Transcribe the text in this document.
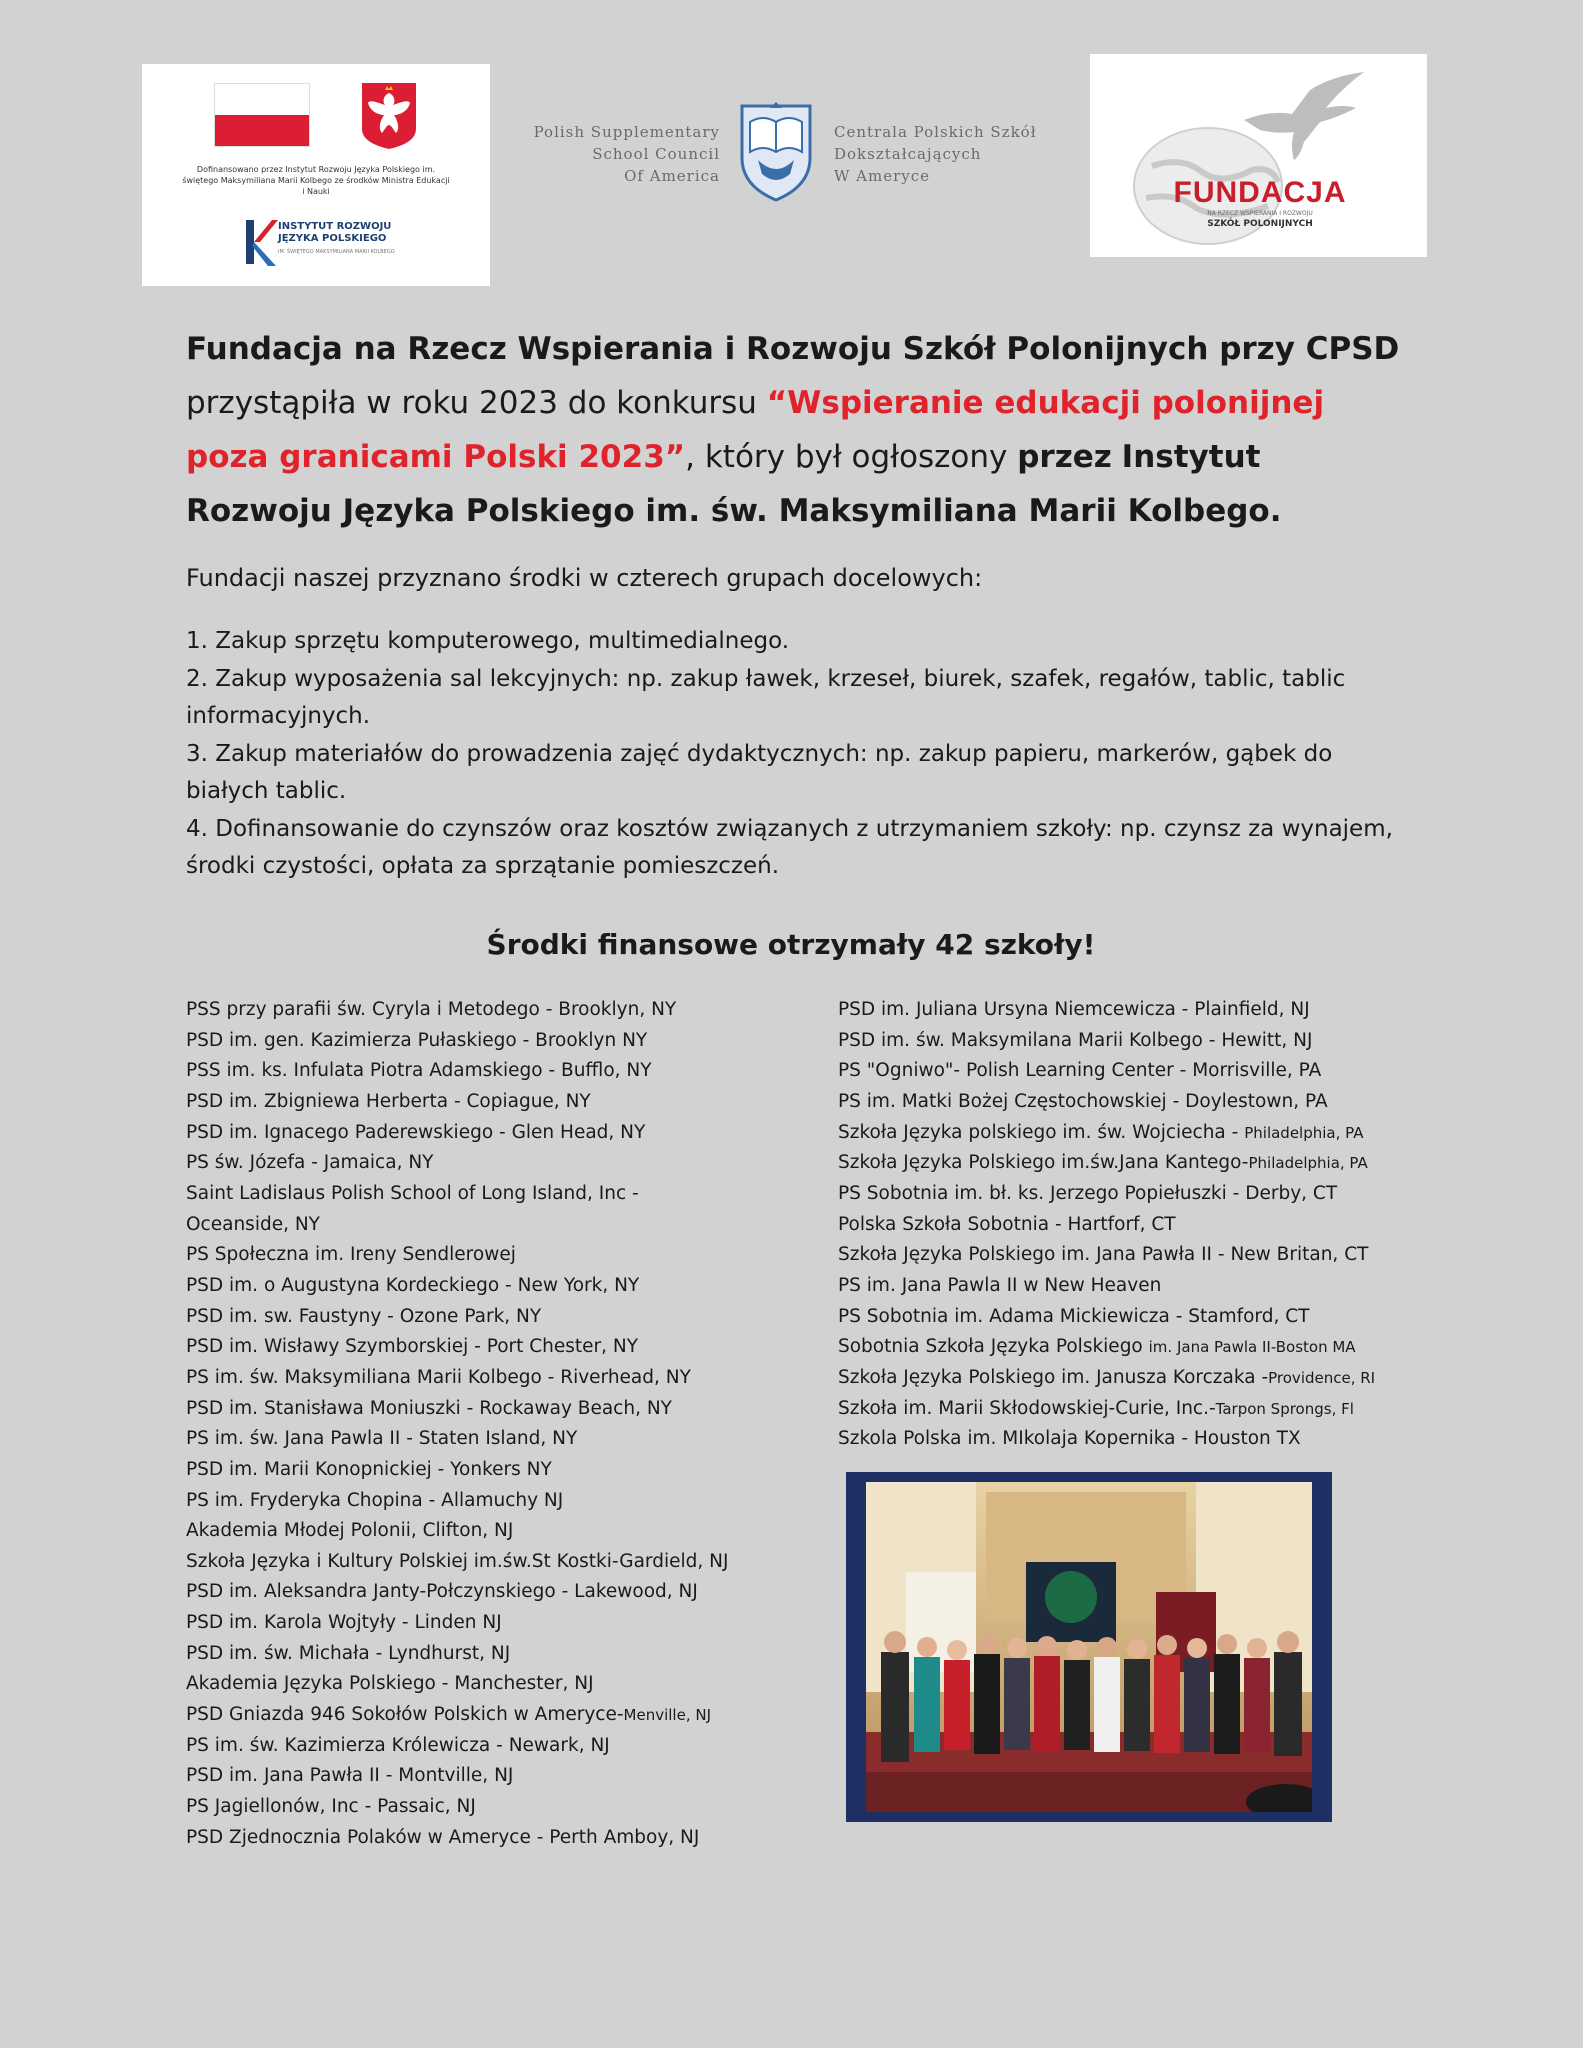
Dofinansowano przez Instytut Rozwoju Języka Polskiego im. świętego Maksymiliana Marii Kolbego ze środków Ministra Edukacji i Nauki
INSTYTUT ROZWOJU
JĘZYKA POLSKIEGO
IM. ŚWIĘTEGO MAKSYMILIANA MARII KOLBEGO
Polish Supplementary
School Council
Of America
Centrala Polskich Szkół
Dokształcających
W Ameryce	FUNDACJA
NA RZECZ WSPIERANIA I ROZWOJU
SZKÓŁ POLONIJNYCH
Fundacja na Rzecz Wspierania i Rozwoju Szkół Polonijnych przy CPSD przystąpiła w roku 2023 do konkursu “Wspieranie edukacji polonijnej poza granicami Polski 2023”, który był ogłoszony przez Instytut Rozwoju Języka Polskiego im. św. Maksymiliana Marii Kolbego.
Fundacji naszej przyznano środki w czterech grupach docelowych:
1. Zakup sprzętu komputerowego, multimedialnego.
2. Zakup wyposażenia sal lekcyjnych: np. zakup ławek, krzeseł, biurek, szafek, regałów, tablic, tablic informacyjnych.
3. Zakup materiałów do prowadzenia zajęć dydaktycznych: np. zakup papieru, markerów, gąbek do białych tablic.
4. Dofinansowanie do czynszów oraz kosztów związanych z utrzymaniem szkoły: np. czynsz za wynajem, środki czystości, opłata za sprzątanie pomieszczeń.
Środki finansowe otrzymały 42 szkoły!
PSS przy parafii św. Cyryla i Metodego - Brooklyn, NY
PSD im. gen. Kazimierza Pułaskiego - Brooklyn NY
PSS im. ks. Infulata Piotra Adamskiego - Bufflo, NY
PSD im. Zbigniewa Herberta - Copiague, NY
PSD im. Ignacego Paderewskiego - Glen Head, NY
PS św. Józefa - Jamaica, NY
Saint Ladislaus Polish School of Long Island, Inc - Oceanside, NY
PS Społeczna im. Ireny Sendlerowej
PSD im. o Augustyna Kordeckiego - New York, NY
PSD im. sw. Faustyny - Ozone Park, NY
PSD im. Wisławy Szymborskiej - Port Chester, NY
PS im. św. Maksymiliana Marii Kolbego - Riverhead, NY
PSD im. Stanisława Moniuszki - Rockaway Beach, NY
PS im. św. Jana Pawla II - Staten Island, NY
PSD im. Marii Konopnickiej - Yonkers NY
PS im. Fryderyka Chopina - Allamuchy NJ
Akademia Młodej Polonii, Clifton, NJ
Szkoła Języka i Kultury Polskiej im.św.St Kostki-Gardield, NJ
PSD im. Aleksandra Janty-Połczynskiego - Lakewood, NJ
PSD im. Karola Wojtyły - Linden NJ
PSD im. św. Michała - Lyndhurst, NJ
Akademia Języka Polskiego - Manchester, NJ
PSD Gniazda 946 Sokołów Polskich w Ameryce-Menville, NJ
PS im. św. Kazimierza Królewicza - Newark, NJ
PSD im. Jana Pawła II - Montville, NJ
PS Jagiellonów, Inc - Passaic, NJ
PSD Zjednocznia Polaków w Ameryce - Perth Amboy, NJ
PSD im. Juliana Ursyna Niemcewicza - Plainfield, NJ
PSD im. św. Maksymilana Marii Kolbego - Hewitt, NJ
PS "Ogniwo"- Polish Learning Center - Morrisville, PA
PS im. Matki Bożej Częstochowskiej - Doylestown, PA
Szkoła Języka polskiego im. św. Wojciecha - Philadelphia, PA
Szkoła Języka Polskiego im.św.Jana Kantego-Philadelphia, PA
PS Sobotnia im. bł. ks. Jerzego Popiełuszki - Derby, CT
Polska Szkoła Sobotnia - Hartforf, CT
Szkoła Języka Polskiego im. Jana Pawła II - New Britan, CT
PS im. Jana Pawla II w New Heaven
PS Sobotnia im. Adama Mickiewicza - Stamford, CT
Sobotnia Szkoła Języka Polskiego im. Jana Pawla II-Boston MA
Szkoła Języka Polskiego im. Janusza Korczaka -Providence, RI
Szkoła im. Marii Skłodowskiej-Curie, Inc.-Tarpon Sprongs, Fl
Szkola Polska im. MIkolaja Kopernika - Houston TX
